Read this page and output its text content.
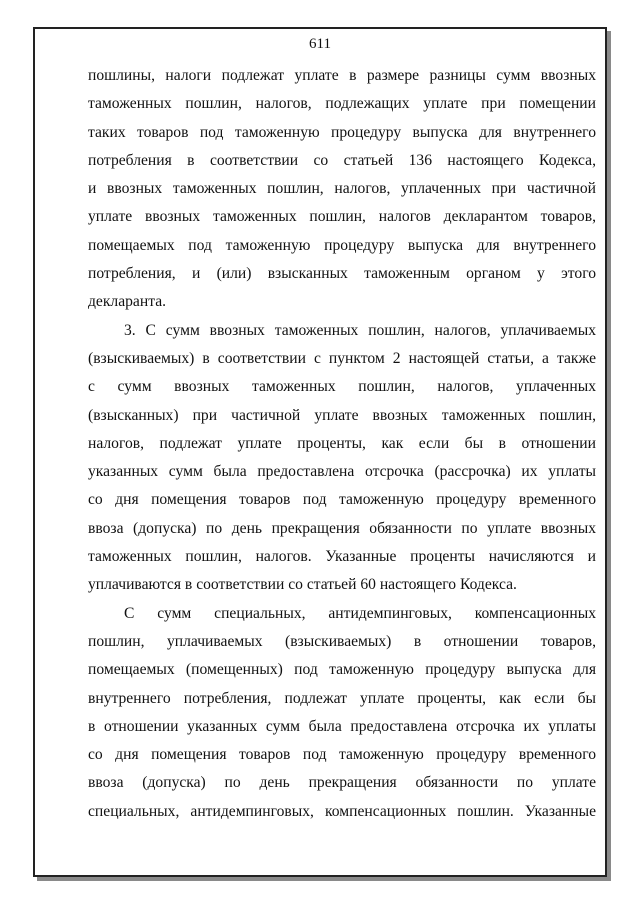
611
пошлины, налоги подлежат уплате в размере разницы сумм ввозных
таможенных пошлин, налогов, подлежащих уплате при помещении
таких товаров под таможенную процедуру выпуска для внутреннего
потребления в соответствии со статьей 136 настоящего Кодекса,
и ввозных таможенных пошлин, налогов, уплаченных при частичной
уплате ввозных таможенных пошлин, налогов декларантом товаров,
помещаемых под таможенную процедуру выпуска для внутреннего
потребления, и (или) взысканных таможенным органом у этого
декларанта.
3. С сумм ввозных таможенных пошлин, налогов, уплачиваемых
(взыскиваемых) в соответствии с пунктом 2 настоящей статьи, а также
с сумм ввозных таможенных пошлин, налогов, уплаченных
(взысканных) при частичной уплате ввозных таможенных пошлин,
налогов, подлежат уплате проценты, как если бы в отношении
указанных сумм была предоставлена отсрочка (рассрочка) их уплаты
со дня помещения товаров под таможенную процедуру временного
ввоза (допуска) по день прекращения обязанности по уплате ввозных
таможенных пошлин, налогов. Указанные проценты начисляются и
уплачиваются в соответствии со статьей 60 настоящего Кодекса.
С сумм специальных, антидемпинговых, компенсационных
пошлин, уплачиваемых (взыскиваемых) в отношении товаров,
помещаемых (помещенных) под таможенную процедуру выпуска для
внутреннего потребления, подлежат уплате проценты, как если бы
в отношении указанных сумм была предоставлена отсрочка их уплаты
со дня помещения товаров под таможенную процедуру временного
ввоза (допуска) по день прекращения обязанности по уплате
специальных, антидемпинговых, компенсационных пошлин. Указанные
